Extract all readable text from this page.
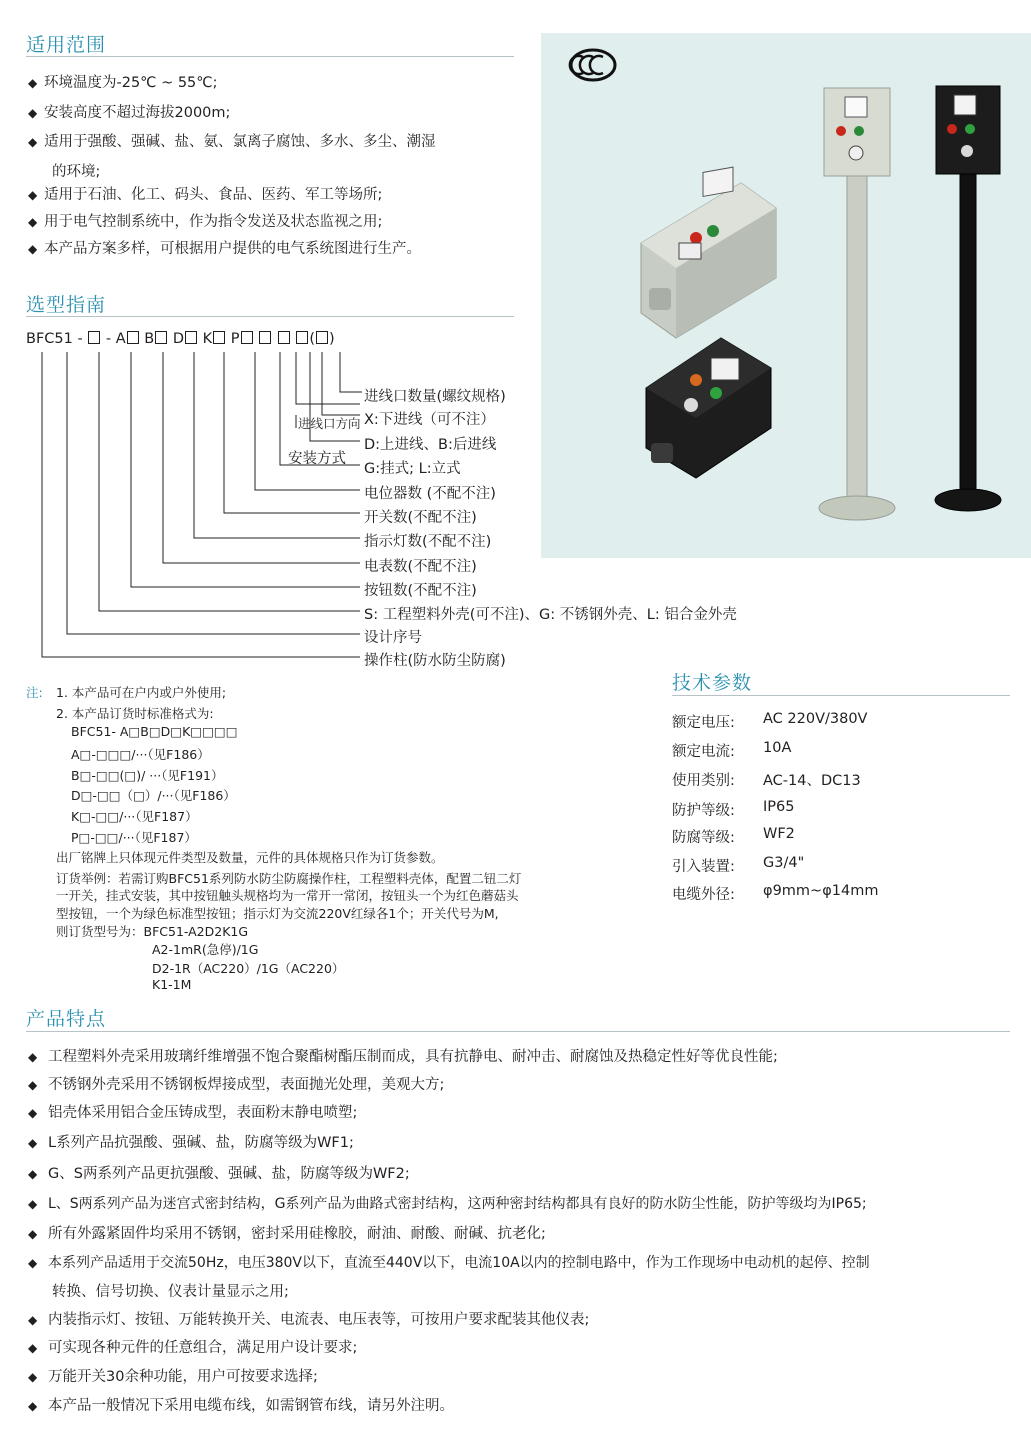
适用范围
◆ 环境温度为-25℃ ~ 55℃;
◆ 安装高度不超过海拔2000m;
◆ 适用于强酸、强碱、盐、氨、氯离子腐蚀、多水、多尘、潮湿
的环境;
◆ 适用于石油、化工、码头、食品、医药、军工等场所;
◆ 用于电气控制系统中，作为指令发送及状态监视之用;
◆ 本产品方案多样，可根据用户提供的电气系统图进行生产。
选型指南
BFC51 -  - A B D K P	( )
进线口数量(螺纹规格)
进线口方向 X:下进线（可不注）
D:上进线、B:后进线
安装方式
G:挂式; L:立式
电位器数 (不配不注)
开关数(不配不注)
指示灯数(不配不注)
电表数(不配不注)
按钮数(不配不注)
S: 工程塑料外壳(可不注)、G: 不锈钢外壳、L: 铝合金外壳
设计序号
操作柱(防水防尘防腐)
注: 1. 本产品可在户内或户外使用;
2. 本产品订货时标准格式为:
BFC51- A□B□D□K□□□□
A□-□□□/···（见F186）
B□-□□(□)/ ···（见F191）
D□-□□（□）/···（见F186）
K□-□□/···（见F187）
P□-□□/···（见F187）
出厂铭牌上只体现元件类型及数量，元件的具体规格只作为订货参数。
订货举例：若需订购BFC51系列防水防尘防腐操作柱，工程塑料壳体，配置二钮二灯
一开关，挂式安装，其中按钮触头规格均为一常开一常闭，按钮头一个为红色蘑菇头
型按钮，一个为绿色标准型按钮；指示灯为交流220V红绿各1个；开关代号为M,
则订货型号为：BFC51-A2D2K1G
A2-1mR(急停)/1G
D2-1R（AC220）/1G（AC220）
K1-1M
技术参数
额定电压: AC 220V/380V
额定电流: 10A
使用类别: AC-14、DC13
防护等级: IP65
防腐等级: WF2
引入装置: G3/4"
电缆外径: φ9mm~φ14mm
产品特点
◆ 工程塑料外壳采用玻璃纤维增强不饱合聚酯树酯压制而成，具有抗静电、耐冲击、耐腐蚀及热稳定性好等优良性能;
◆ 不锈钢外壳采用不锈钢板焊接成型，表面抛光处理，美观大方;
◆ 铝壳体采用铝合金压铸成型，表面粉末静电喷塑;
◆ L系列产品抗强酸、强碱、盐，防腐等级为WF1;
◆ G、S两系列产品更抗强酸、强碱、盐，防腐等级为WF2;
◆ L、S两系列产品为迷宫式密封结构，G系列产品为曲路式密封结构，这两种密封结构都具有良好的防水防尘性能，防护等级均为IP65;
◆ 所有外露紧固件均采用不锈钢，密封采用硅橡胶，耐油、耐酸、耐碱、抗老化;
◆ 本系列产品适用于交流50Hz，电压380V以下，直流至440V以下，电流10A以内的控制电路中，作为工作现场中电动机的起停、控制
转换、信号切换、仪表计量显示之用;
◆ 内装指示灯、按钮、万能转换开关、电流表、电压表等，可按用户要求配装其他仪表;
◆ 可实现各种元件的任意组合，满足用户设计要求;
◆ 万能开关30余种功能，用户可按要求选择;
◆ 本产品一般情况下采用电缆布线，如需钢管布线，请另外注明。
